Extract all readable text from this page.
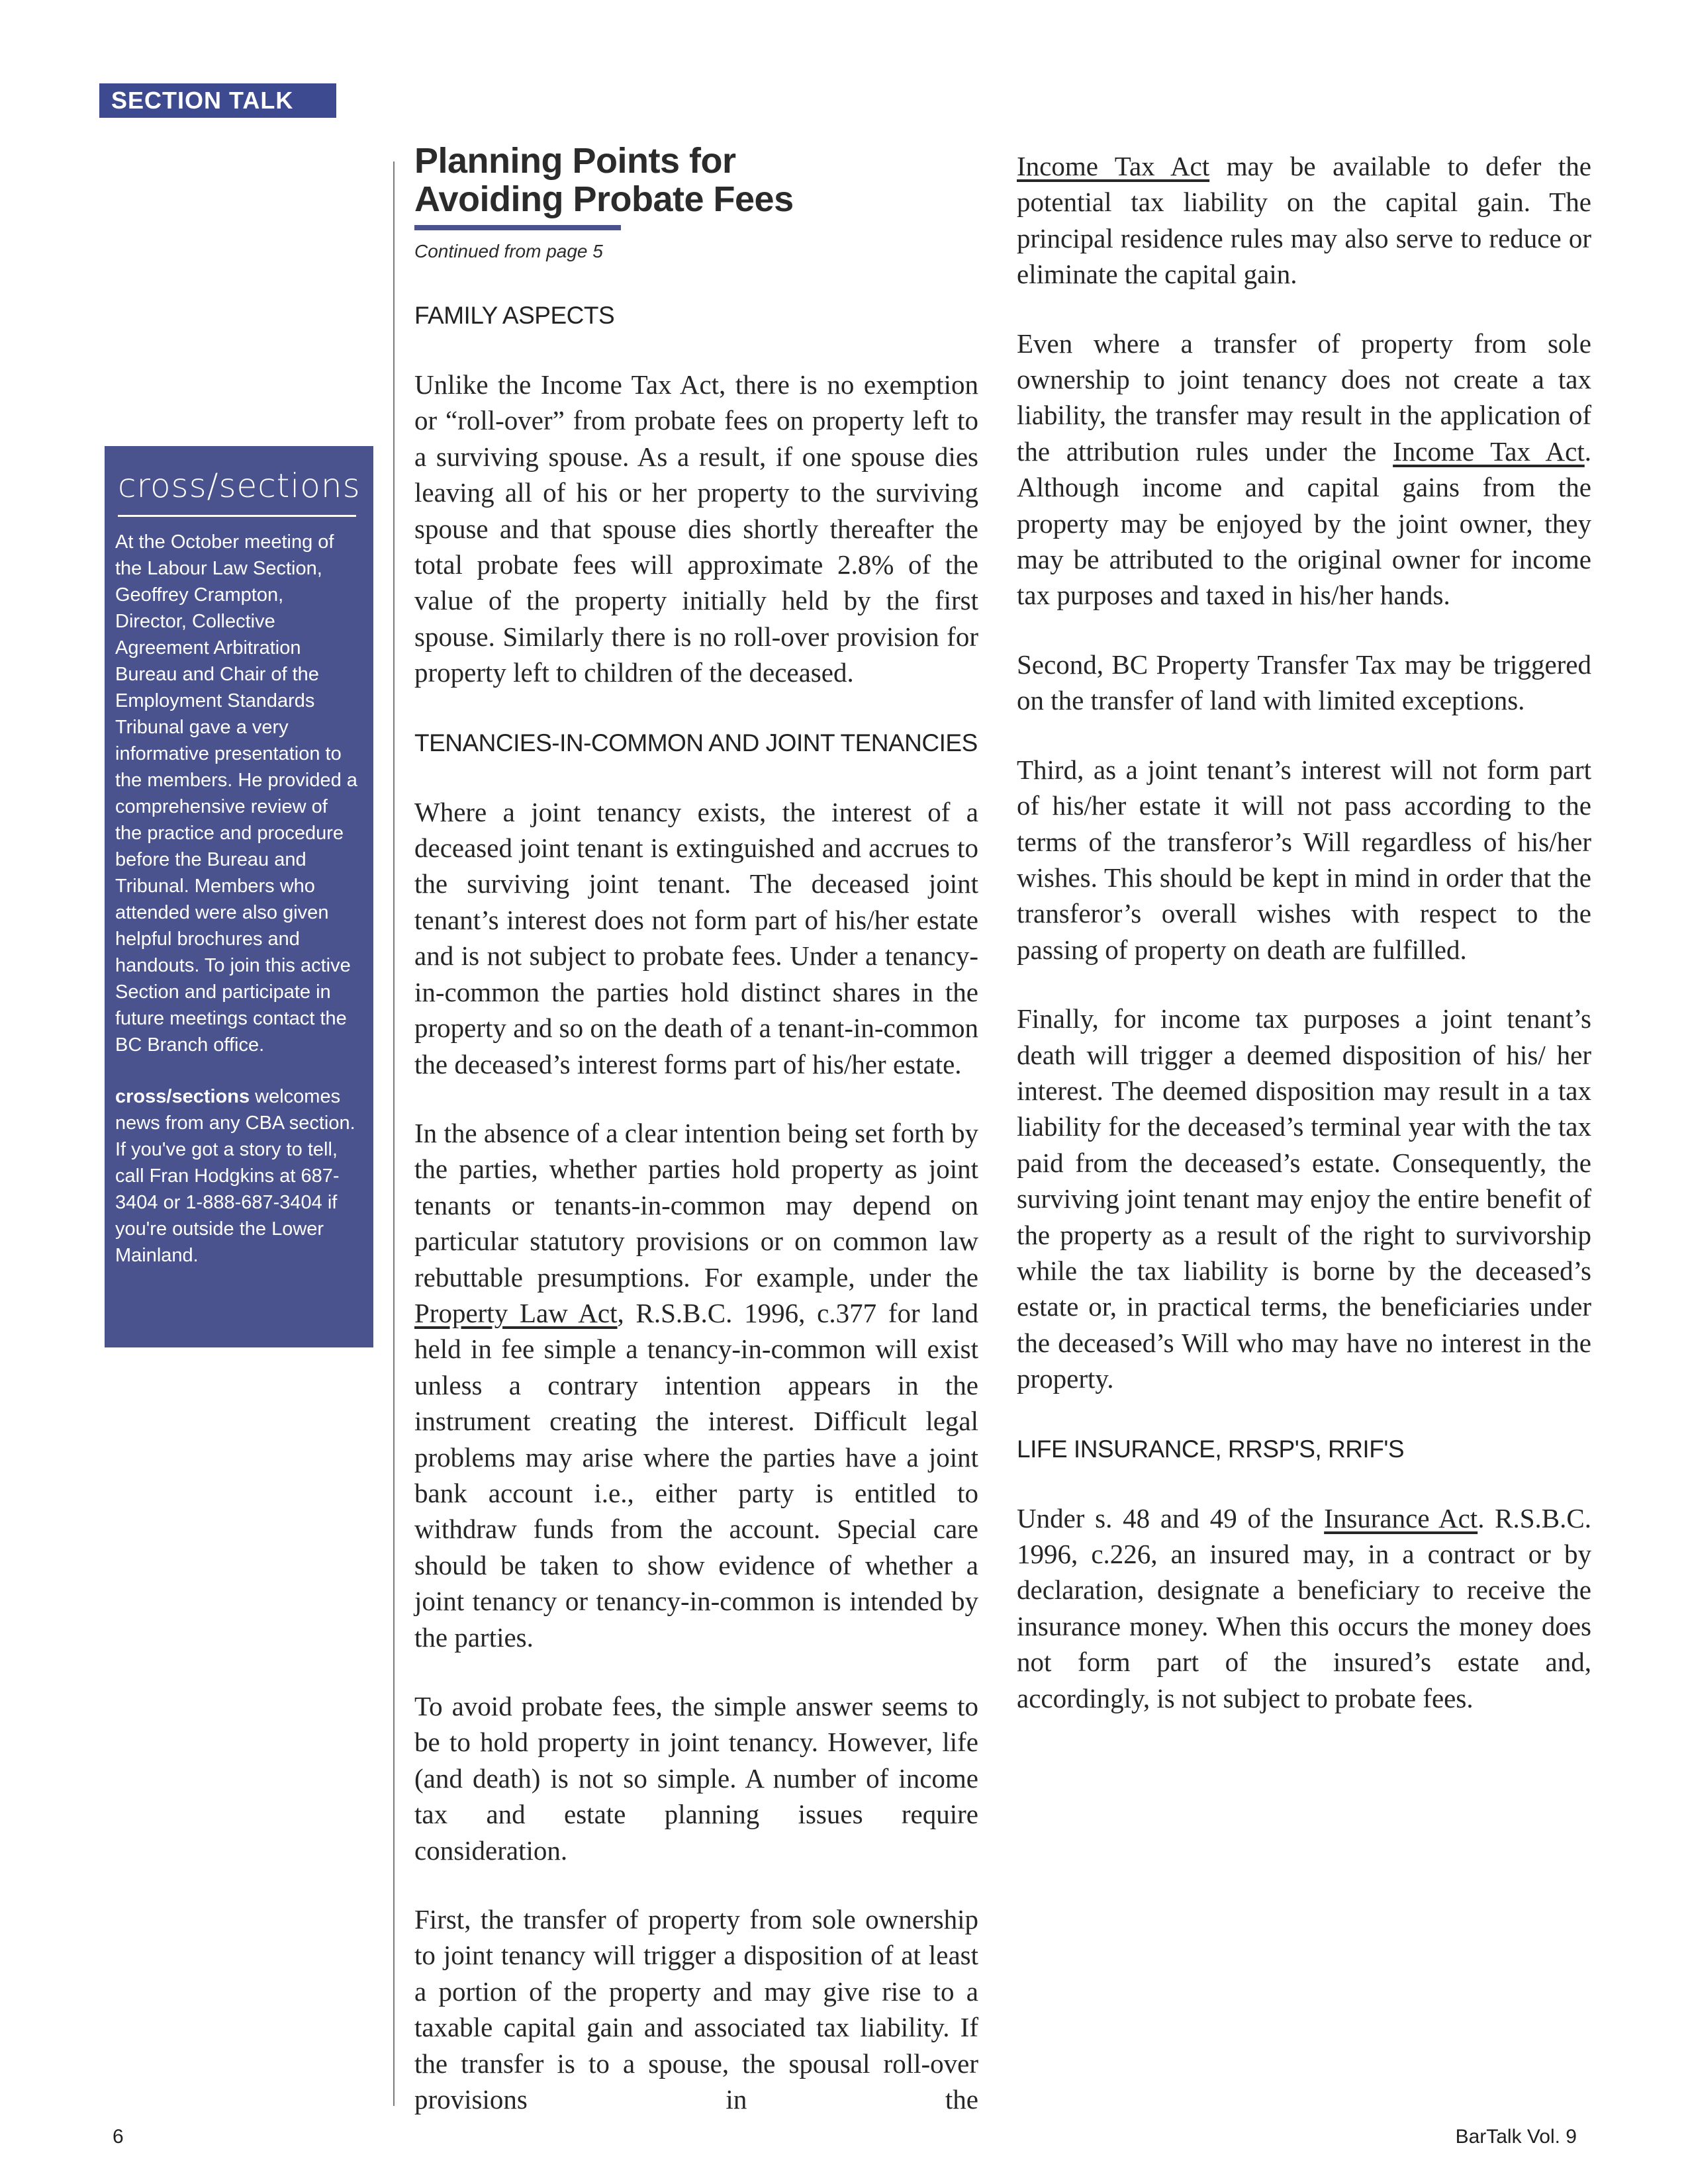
SECTION TALK
cross/sections

At the October meeting of the Labour Law Section, Geoffrey Crampton, Director, Collective Agreement Arbitration Bureau and Chair of the Employment Standards Tribunal gave a very informative presentation to the members. He provided a comprehensive review of the practice and procedure before the Bureau and Tribunal. Members who attended were also given helpful brochures and handouts. To join this active Section and participate in future meetings contact the BC Branch office.

cross/sections welcomes news from any CBA section. If you've got a story to tell, call Fran Hodgkins at 687-3404 or 1-888-687-3404 if you're outside the Lower Mainland.

Planning Points for
Avoiding Probate Fees
Continued from page 5
FAMILY ASPECTS

Unlike the Income Tax Act, there is no exemption or “roll-over” from probate fees on property left to a surviving spouse. As a result, if one spouse dies leaving all of his or her property to the surviving spouse and that spouse dies shortly thereafter the total probate fees will approximate 2.8% of the value of the property initially held by the first spouse. Similarly there is no roll-over provision for property left to children of the deceased.

TENANCIES-IN-COMMON AND JOINT TENANCIES

Where a joint tenancy exists, the interest of a deceased joint tenant is extinguished and accrues to the surviving joint tenant. The deceased joint tenant’s interest does not form part of his/her estate and is not subject to probate fees. Under a tenancy-in-common the parties hold distinct shares in the property and so on the death of a tenant-in-common the deceased’s interest forms part of his/her estate.

In the absence of a clear intention being set forth by the parties, whether parties hold property as joint tenants or tenants-in-common may depend on particular statutory provisions or on common law rebuttable presumptions. For example, under the Property Law Act, R.S.B.C. 1996, c.377 for land held in fee simple a tenancy-in-common will exist unless a contrary intention appears in the instrument creating the interest. Difficult legal problems may arise where the parties have a joint bank account i.e., either party is entitled to withdraw funds from the account. Special care should be taken to show evidence of whether a joint tenancy or tenancy-in-common is intended by the parties.

To avoid probate fees, the simple answer seems to be to hold property in joint tenancy. However, life (and death) is not so simple. A number of income tax and estate planning issues require consideration.

First, the transfer of property from sole ownership to joint tenancy will trigger a disposition of at least a portion of the property and may give rise to a taxable capital gain and associated tax liability. If the transfer is to a spouse, the spousal roll-over provisions in the

Income Tax Act may be available to defer the potential tax liability on the capital gain. The principal residence rules may also serve to reduce or eliminate the capital gain.

Even where a transfer of property from sole ownership to joint tenancy does not create a tax liability, the transfer may result in the application of the attribution rules under the Income Tax Act. Although income and capital gains from the property may be enjoyed by the joint owner, they may be attributed to the original owner for income tax purposes and taxed in his/her hands.

Second, BC Property Transfer Tax may be triggered on the transfer of land with limited exceptions.

Third, as a joint tenant’s interest will not form part of his/her estate it will not pass according to the terms of the transferor’s Will regardless of his/her wishes. This should be kept in mind in order that the transferor’s overall wishes with respect to the passing of property on death are fulfilled.

Finally, for income tax purposes a joint tenant’s death will trigger a deemed disposition of his/ her interest. The deemed disposition may result in a tax liability for the deceased’s terminal year with the tax paid from the deceased’s estate. Consequently, the surviving joint tenant may enjoy the entire benefit of the property as a result of the right to survivorship while the tax liability is borne by the deceased’s estate or, in practical terms, the beneficiaries under the deceased’s Will who may have no interest in the property.

LIFE INSURANCE, RRSP'S, RRIF'S

Under s. 48 and 49 of the Insurance Act. R.S.B.C. 1996, c.226, an insured may, in a contract or by declaration, designate a beneficiary to receive the insurance money. When this occurs the money does not form part of the insured’s estate and, accordingly, is not subject to probate fees.

6	BarTalk Vol. 9
